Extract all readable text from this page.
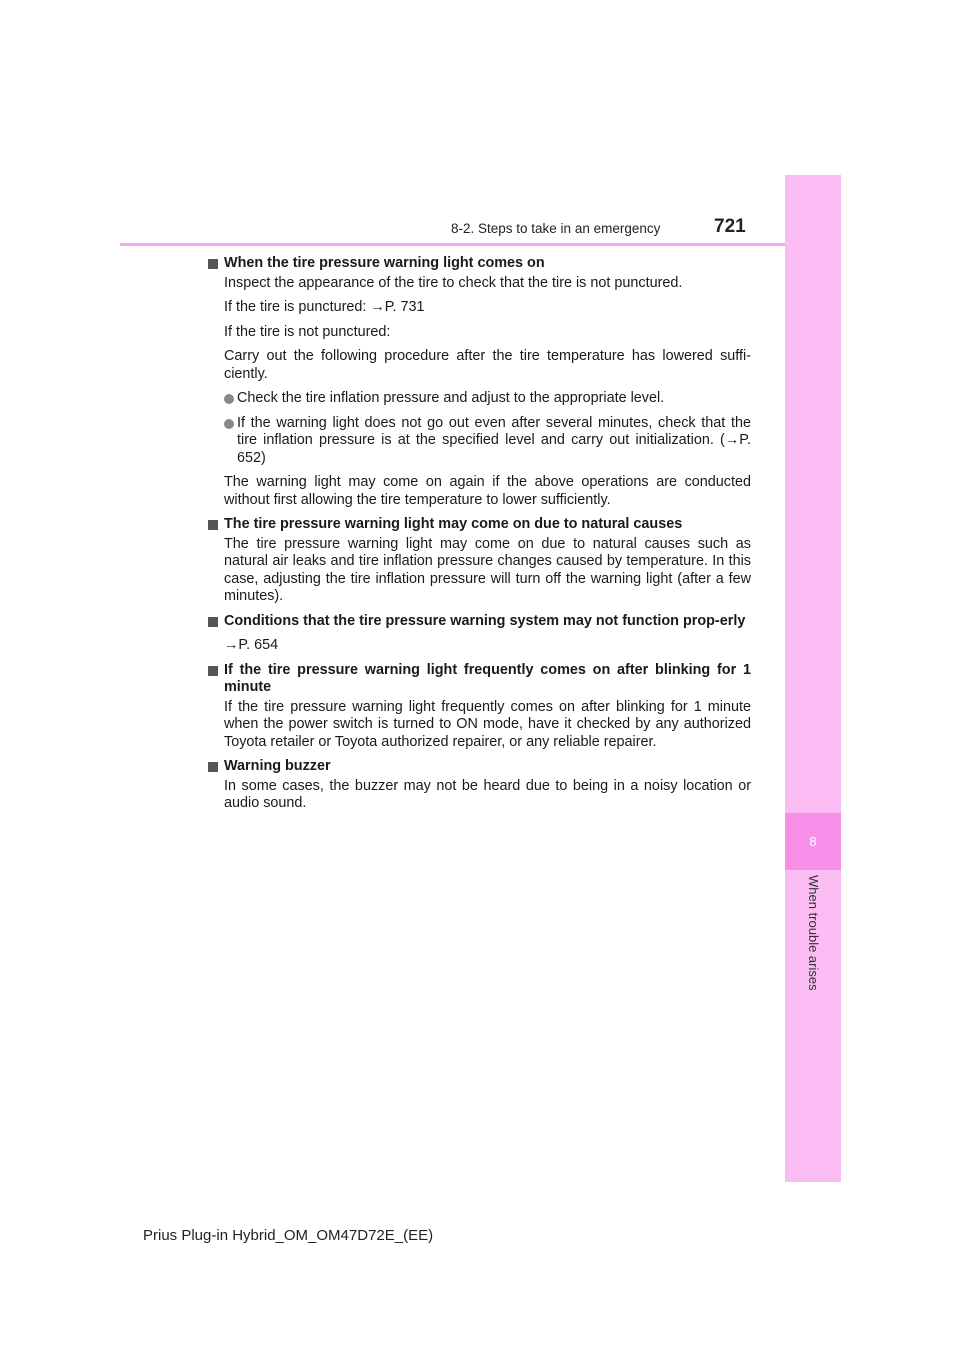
8
When trouble arises
8-2. Steps to take in an emergency	721
When the tire pressure warning light comes on
Inspect the appearance of the tire to check that the tire is not punctured.
If the tire is punctured: →P. 731
If the tire is not punctured:
Carry out the following procedure after the tire temperature has lowered suffi-ciently.
Check the tire inflation pressure and adjust to the appropriate level.
If the warning light does not go out even after several minutes, check that the tire inflation pressure is at the specified level and carry out initialization. (→P. 652)
The warning light may come on again if the above operations are conducted without first allowing the tire temperature to lower sufficiently.
The tire pressure warning light may come on due to natural causes
The tire pressure warning light may come on due to natural causes such as natural air leaks and tire inflation pressure changes caused by temperature. In this case, adjusting the tire inflation pressure will turn off the warning light (after a few minutes).
Conditions that the tire pressure warning system may not function prop-erly
→P. 654
If the tire pressure warning light frequently comes on after blinking for 1 minute
If the tire pressure warning light frequently comes on after blinking for 1 minute when the power switch is turned to ON mode, have it checked by any authorized Toyota retailer or Toyota authorized repairer, or any reliable repairer.
Warning buzzer
In some cases, the buzzer may not be heard due to being in a noisy location or audio sound.
Prius Plug-in Hybrid_OM_OM47D72E_(EE)
